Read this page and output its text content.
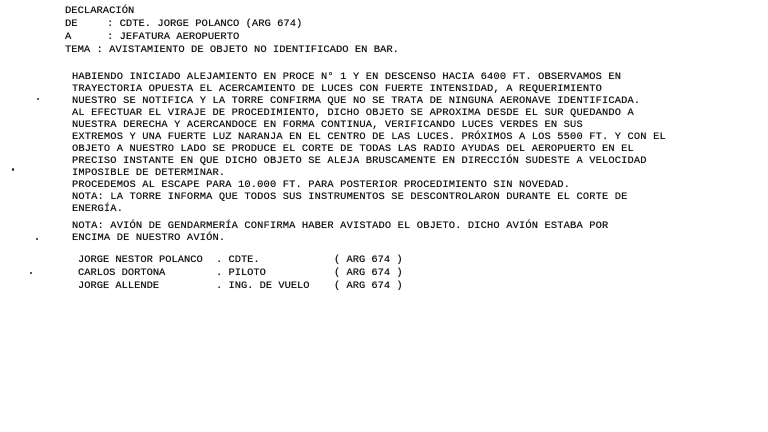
DECLARACIÓN
DE	: CDTE. JORGE POLANCO (ARG 674)
A	: JEFATURA AEROPUERTO
TEMA : AVISTAMIENTO DE OBJETO NO IDENTIFICADO EN BAR.
HABIENDO INICIADO ALEJAMIENTO EN PROCE N° 1 Y EN DESCENSO HACIA 6400 FT. OBSERVAMOS EN
TRAYECTORIA OPUESTA EL ACERCAMIENTO DE LUCES CON FUERTE INTENSIDAD, A REQUERIMIENTO
NUESTRO SE NOTIFICA Y LA TORRE CONFIRMA QUE NO SE TRATA DE NINGUNA AERONAVE IDENTIFICADA.
AL EFECTUAR EL VIRAJE DE PROCEDIMIENTO, DICHO OBJETO SE APROXIMA DESDE EL SUR QUEDANDO A
NUESTRA DERECHA Y ACERCANDOCE EN FORMA CONTINUA, VERIFICANDO LUCES VERDES EN SUS
EXTREMOS Y UNA FUERTE LUZ NARANJA EN EL CENTRO DE LAS LUCES. PRÓXIMOS A LOS 5500 FT. Y CON EL
OBJETO A NUESTRO LADO SE PRODUCE EL CORTE DE TODAS LAS RADIO AYUDAS DEL AEROPUERTO EN EL
PRECISO INSTANTE EN QUE DICHO OBJETO SE ALEJA BRUSCAMENTE EN DIRECCIÓN SUDESTE A VELOCIDAD
IMPOSIBLE DE DETERMINAR.
PROCEDEMOS AL ESCAPE PARA 10.000 FT. PARA POSTERIOR PROCEDIMIENTO SIN NOVEDAD.
NOTA: LA TORRE INFORMA QUE TODOS SUS INSTRUMENTOS SE DESCONTROLARON DURANTE EL CORTE DE
ENERGÍA.
NOTA: AVIÓN DE GENDARMERÍA CONFIRMA HABER AVISTADO EL OBJETO. DICHO AVIÓN ESTABA POR
ENCIMA DE NUESTRO AVIÓN.
JORGE NESTOR POLANCO . CDTE.	( ARG 674 )
CARLOS DORTONA	. PILOTO	( ARG 674 )
JORGE ALLENDE	. ING. DE VUELO ( ARG 674 )
